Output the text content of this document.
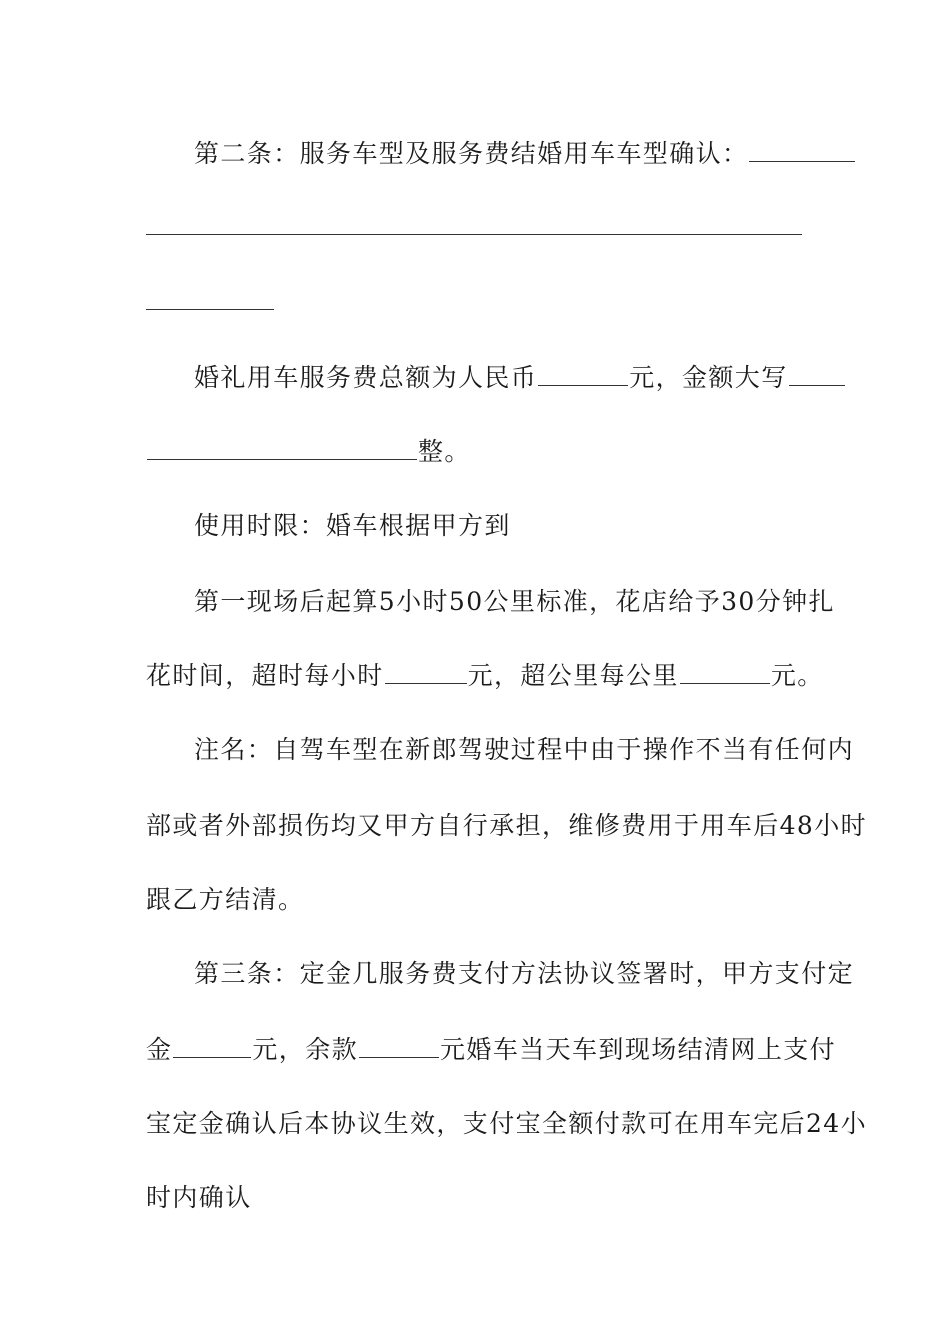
第二条：服务车型及服务费结婚用车车型确认：
婚礼用车服务费总额为人民币	元，金额大写
整。
使用时限：婚车根据甲方到
第一现场后起算5小时50公里标准，花店给予30分钟扎
花时间，超时每小时	元，超公里每公里	元。
注名：自驾车型在新郎驾驶过程中由于操作不当有任何内
部或者外部损伤均又甲方自行承担，维修费用于用车后48小时
跟乙方结清。
第三条：定金几服务费支付方法协议签署时，甲方支付定
金	元，余款	元婚车当天车到现场结清网上支付
宝定金确认后本协议生效，支付宝全额付款可在用车完后24小
时内确认
